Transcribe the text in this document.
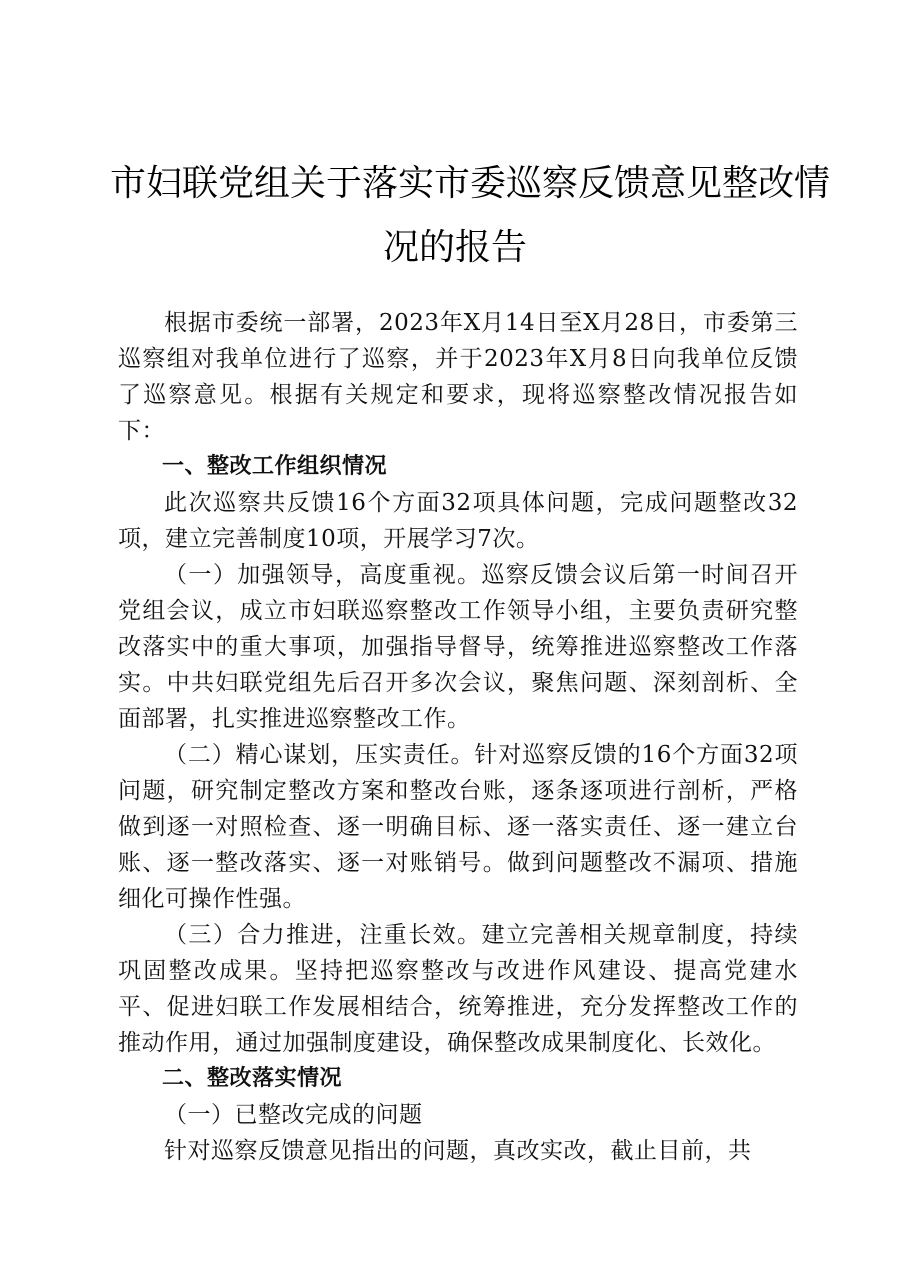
市妇联党组关于落实市委巡察反馈意见整改情
况的报告

根据市委统一部署，2023年X月14日至X月28日，市委第三巡察组对我单位进行了巡察，并于2023年X月8日向我单位反馈了巡察意见。根据有关规定和要求，现将巡察整改情况报告如下：

一、整改工作组织情况

此次巡察共反馈16个方面32项具体问题，完成问题整改32项，建立完善制度10项，开展学习7次。

（一）加强领导，高度重视。巡察反馈会议后第一时间召开党组会议，成立市妇联巡察整改工作领导小组，主要负责研究整改落实中的重大事项，加强指导督导，统筹推进巡察整改工作落实。中共妇联党组先后召开多次会议，聚焦问题、深刻剖析、全面部署，扎实推进巡察整改工作。

（二）精心谋划，压实责任。针对巡察反馈的16个方面32项问题，研究制定整改方案和整改台账，逐条逐项进行剖析，严格做到逐一对照检查、逐一明确目标、逐一落实责任、逐一建立台账、逐一整改落实、逐一对账销号。做到问题整改不漏项、措施细化可操作性强。

（三）合力推进，注重长效。建立完善相关规章制度，持续巩固整改成果。坚持把巡察整改与改进作风建设、提高党建水平、促进妇联工作发展相结合，统筹推进，充分发挥整改工作的推动作用，通过加强制度建设，确保整改成果制度化、长效化。

二、整改落实情况

（一）已整改完成的问题

针对巡察反馈意见指出的问题，真改实改，截止目前，共
